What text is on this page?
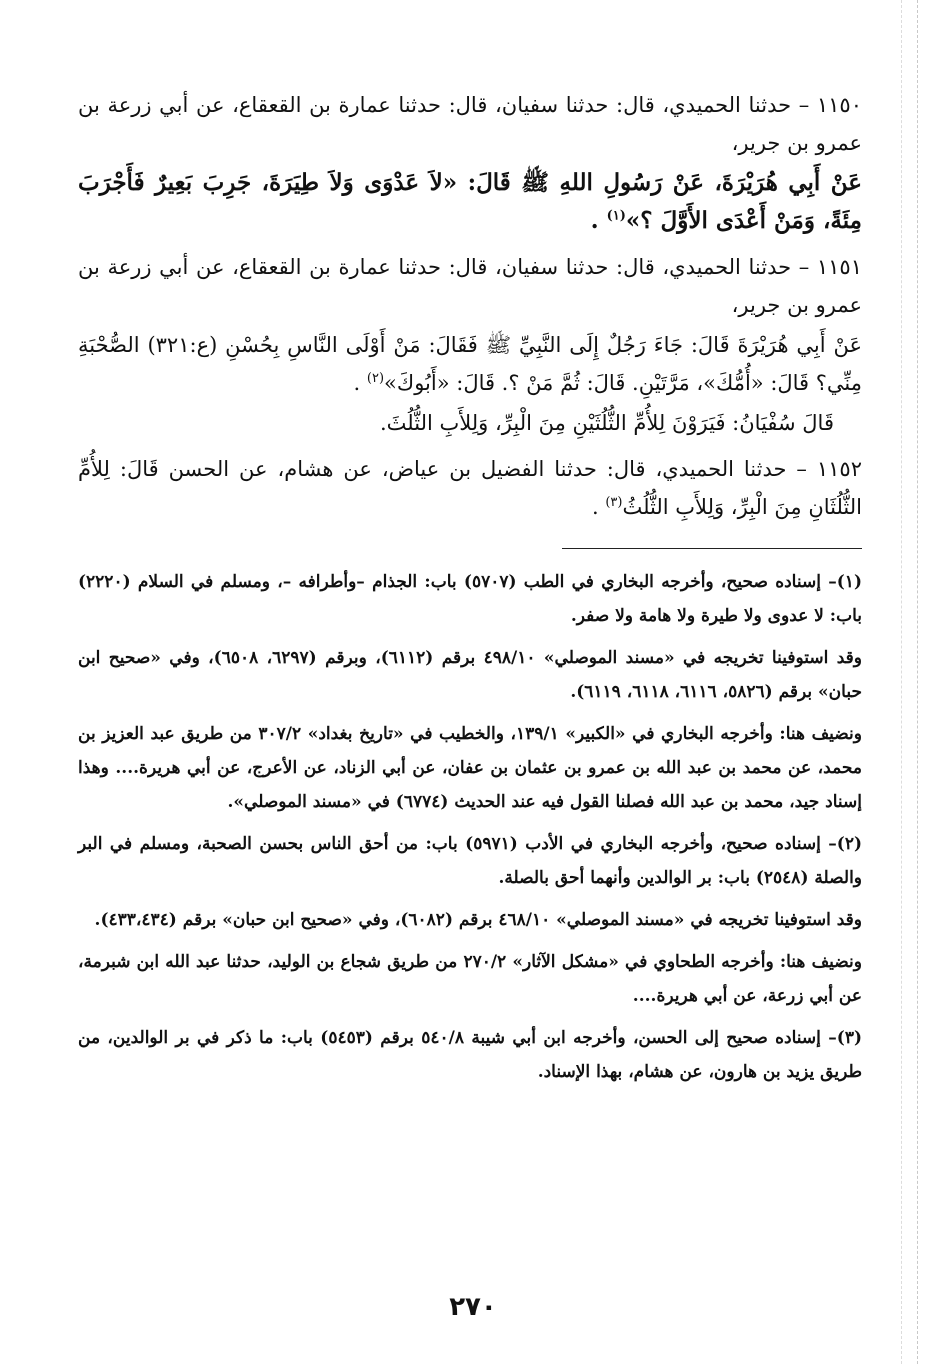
١١٥٠ – حدثنا الحميدي، قال: حدثنا سفيان، قال: حدثنا عمارة بن القعقاع، عن أبي زرعة بن عمرو بن جرير،

عَنْ أَبِي هُرَيْرَةَ، عَنْ رَسُولِ اللهِ ﷺ قَالَ: «لاَ عَدْوَى وَلاَ طِيَرَةَ، جَرِبَ بَعِيرٌ فَأَجْرَبَ مِئَةً، وَمَنْ أَعْدَى الأَوَّلَ ؟»$^{(١)}$ .

١١٥١ – حدثنا الحميدي، قال: حدثنا سفيان، قال: حدثنا عمارة بن القعقاع، عن أبي زرعة بن عمرو بن جرير،

عَنْ أَبِي هُرَيْرَةَ قَالَ: جَاءَ رَجُلٌ إِلَى النَّبِيِّ ﷺ فَقَالَ: مَنْ أَوْلَى النَّاسِ بِحُسْنِ (ع:٣٢١) الصُّحْبَةِ مِنِّي؟ قَالَ: «أُمُّكَ»، مَرَّتَيْنِ. قَالَ: ثُمَّ مَنْ ؟. قَالَ: «أَبُوكَ»$^{(٢)}$ .

قَالَ سُفْيَانُ: فَيَرَوْنَ لِلأُمِّ الثُّلُثَيْنِ مِنَ الْبِرِّ، وَلِلأَبِ الثُّلُثَ.

١١٥٢ – حدثنا الحميدي، قال: حدثنا الفضيل بن عياض، عن هشام، عن الحسن قَالَ: لِلأُمِّ الثُّلُثَانِ مِنَ الْبِرِّ، وَلِلأَبِ الثُّلُثُ$^{(٣)}$ .

(١)– إسناده صحيح، وأخرجه البخاري في الطب (٥٧٠٧) باب: الجذام –وأطرافه –، ومسلم في السلام (٢٢٢٠) باب: لا عدوى ولا طيرة ولا هامة ولا صفر.

وقد استوفينا تخريجه في «مسند الموصلي» ٤٩٨/١٠ برقم (٦١١٢)، وبرقم (٦٢٩٧، ٦٥٠٨)، وفي «صحيح ابن حبان» برقم (٥٨٢٦، ٦١١٦، ٦١١٨، ٦١١٩).

ونضيف هنا: وأخرجه البخاري في «الكبير» ١٣٩/١، والخطيب في «تاريخ بغداد» ٣٠٧/٢ من طريق عبد العزيز بن محمد، عن محمد بن عبد الله بن عمرو بن عثمان بن عفان، عن أبي الزناد، عن الأعرج، عن أبي هريرة.... وهذا إسناد جيد، محمد بن عبد الله فصلنا القول فيه عند الحديث (٦٧٧٤) في «مسند الموصلي».

(٢)– إسناده صحيح، وأخرجه البخاري في الأدب (٥٩٧١) باب: من أحق الناس بحسن الصحبة، ومسلم في البر والصلة (٢٥٤٨) باب: بر الوالدين وأنهما أحق بالصلة.

وقد استوفينا تخريجه في «مسند الموصلي» ٤٦٨/١٠ برقم (٦٠٨٢)، وفي «صحيح ابن حبان» برقم (٤٣٣،٤٣٤).

ونضيف هنا: وأخرجه الطحاوي في «مشكل الآثار» ٢٧٠/٢ من طريق شجاع بن الوليد، حدثنا عبد الله ابن شبرمة، عن أبي زرعة، عن أبي هريرة....

(٣)– إسناده صحيح إلى الحسن، وأخرجه ابن أبي شيبة ٥٤٠/٨ برقم (٥٤٥٣) باب: ما ذكر في بر الوالدين، من طريق يزيد بن هارون، عن هشام، بهذا الإسناد.

٢٧٠
